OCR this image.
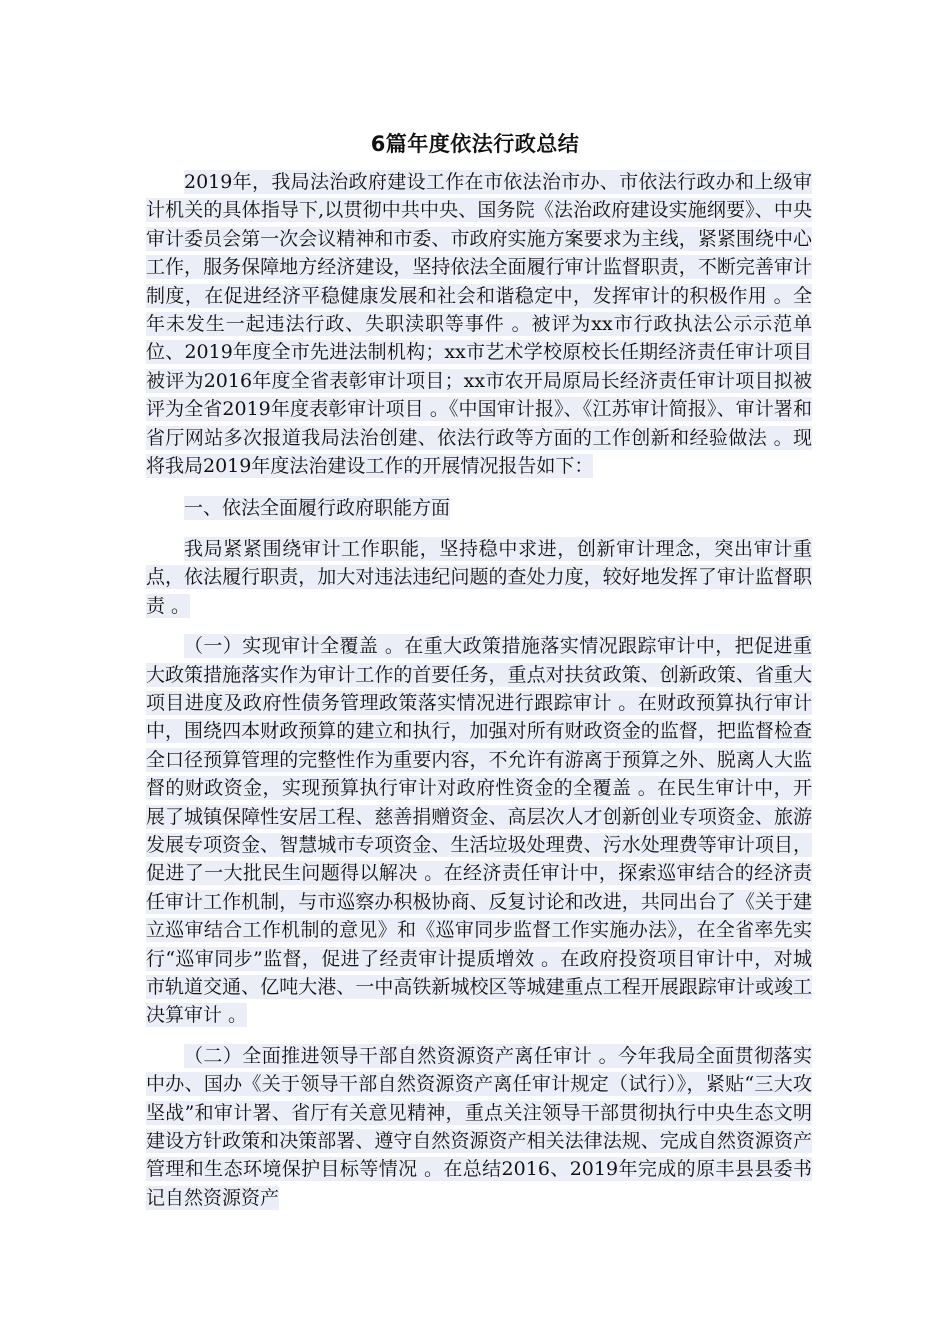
6篇年度依法行政总结

2019年，我局法治政府建设工作在市依法治市办、市依法行政办和上级审计机关的具体指导下,以贯彻中共中央、国务院《法治政府建设实施纲要》、中央审计委员会第一次会议精神和市委、市政府实施方案要求为主线，紧紧围绕中心工作，服务保障地方经济建设，坚持依法全面履行审计监督职责，不断完善审计制度，在促进经济平稳健康发展和社会和谐稳定中，发挥审计的积极作用 。全年未发生一起违法行政、失职渎职等事件 。被评为xx市行政执法公示示范单位、2019年度全市先进法制机构；xx市艺术学校原校长任期经济责任审计项目被评为2016年度全省表彰审计项目；xx市农开局原局长经济责任审计项目拟被评为全省2019年度表彰审计项目 。《中国审计报》、《江苏审计简报》、审计署和省厅网站多次报道我局法治创建、依法行政等方面的工作创新和经验做法 。现将我局2019年度法治建设工作的开展情况报告如下：

一、依法全面履行政府职能方面

我局紧紧围绕审计工作职能，坚持稳中求进，创新审计理念，突出审计重点，依法履行职责，加大对违法违纪问题的查处力度，较好地发挥了审计监督职责 。

（一）实现审计全覆盖 。在重大政策措施落实情况跟踪审计中，把促进重大政策措施落实作为审计工作的首要任务，重点对扶贫政策、创新政策、省重大项目进度及政府性债务管理政策落实情况进行跟踪审计 。在财政预算执行审计中，围绕四本财政预算的建立和执行，加强对所有财政资金的监督，把监督检查全口径预算管理的完整性作为重要内容，不允许有游离于预算之外、脱离人大监督的财政资金，实现预算执行审计对政府性资金的全覆盖 。在民生审计中，开展了城镇保障性安居工程、慈善捐赠资金、高层次人才创新创业专项资金、旅游发展专项资金、智慧城市专项资金、生活垃圾处理费、污水处理费等审计项目，促进了一大批民生问题得以解决 。在经济责任审计中，探索巡审结合的经济责任审计工作机制，与市巡察办积极协商、反复讨论和改进，共同出台了《关于建立巡审结合工作机制的意见》和《巡审同步监督工作实施办法》，在全省率先实行“巡审同步”监督，促进了经责审计提质增效 。在政府投资项目审计中，对城市轨道交通、亿吨大港、一中高铁新城校区等城建重点工程开展跟踪审计或竣工决算审计 。

（二）全面推进领导干部自然资源资产离任审计 。今年我局全面贯彻落实中办、国办《关于领导干部自然资源资产离任审计规定（试行）》，紧贴“三大攻坚战”和审计署、省厅有关意见精神，重点关注领导干部贯彻执行中央生态文明建设方针政策和决策部署、遵守自然资源资产相关法律法规、完成自然资源资产管理和生态环境保护目标等情况 。在总结2016、2019年完成的原丰县县委书记自然资源资产
